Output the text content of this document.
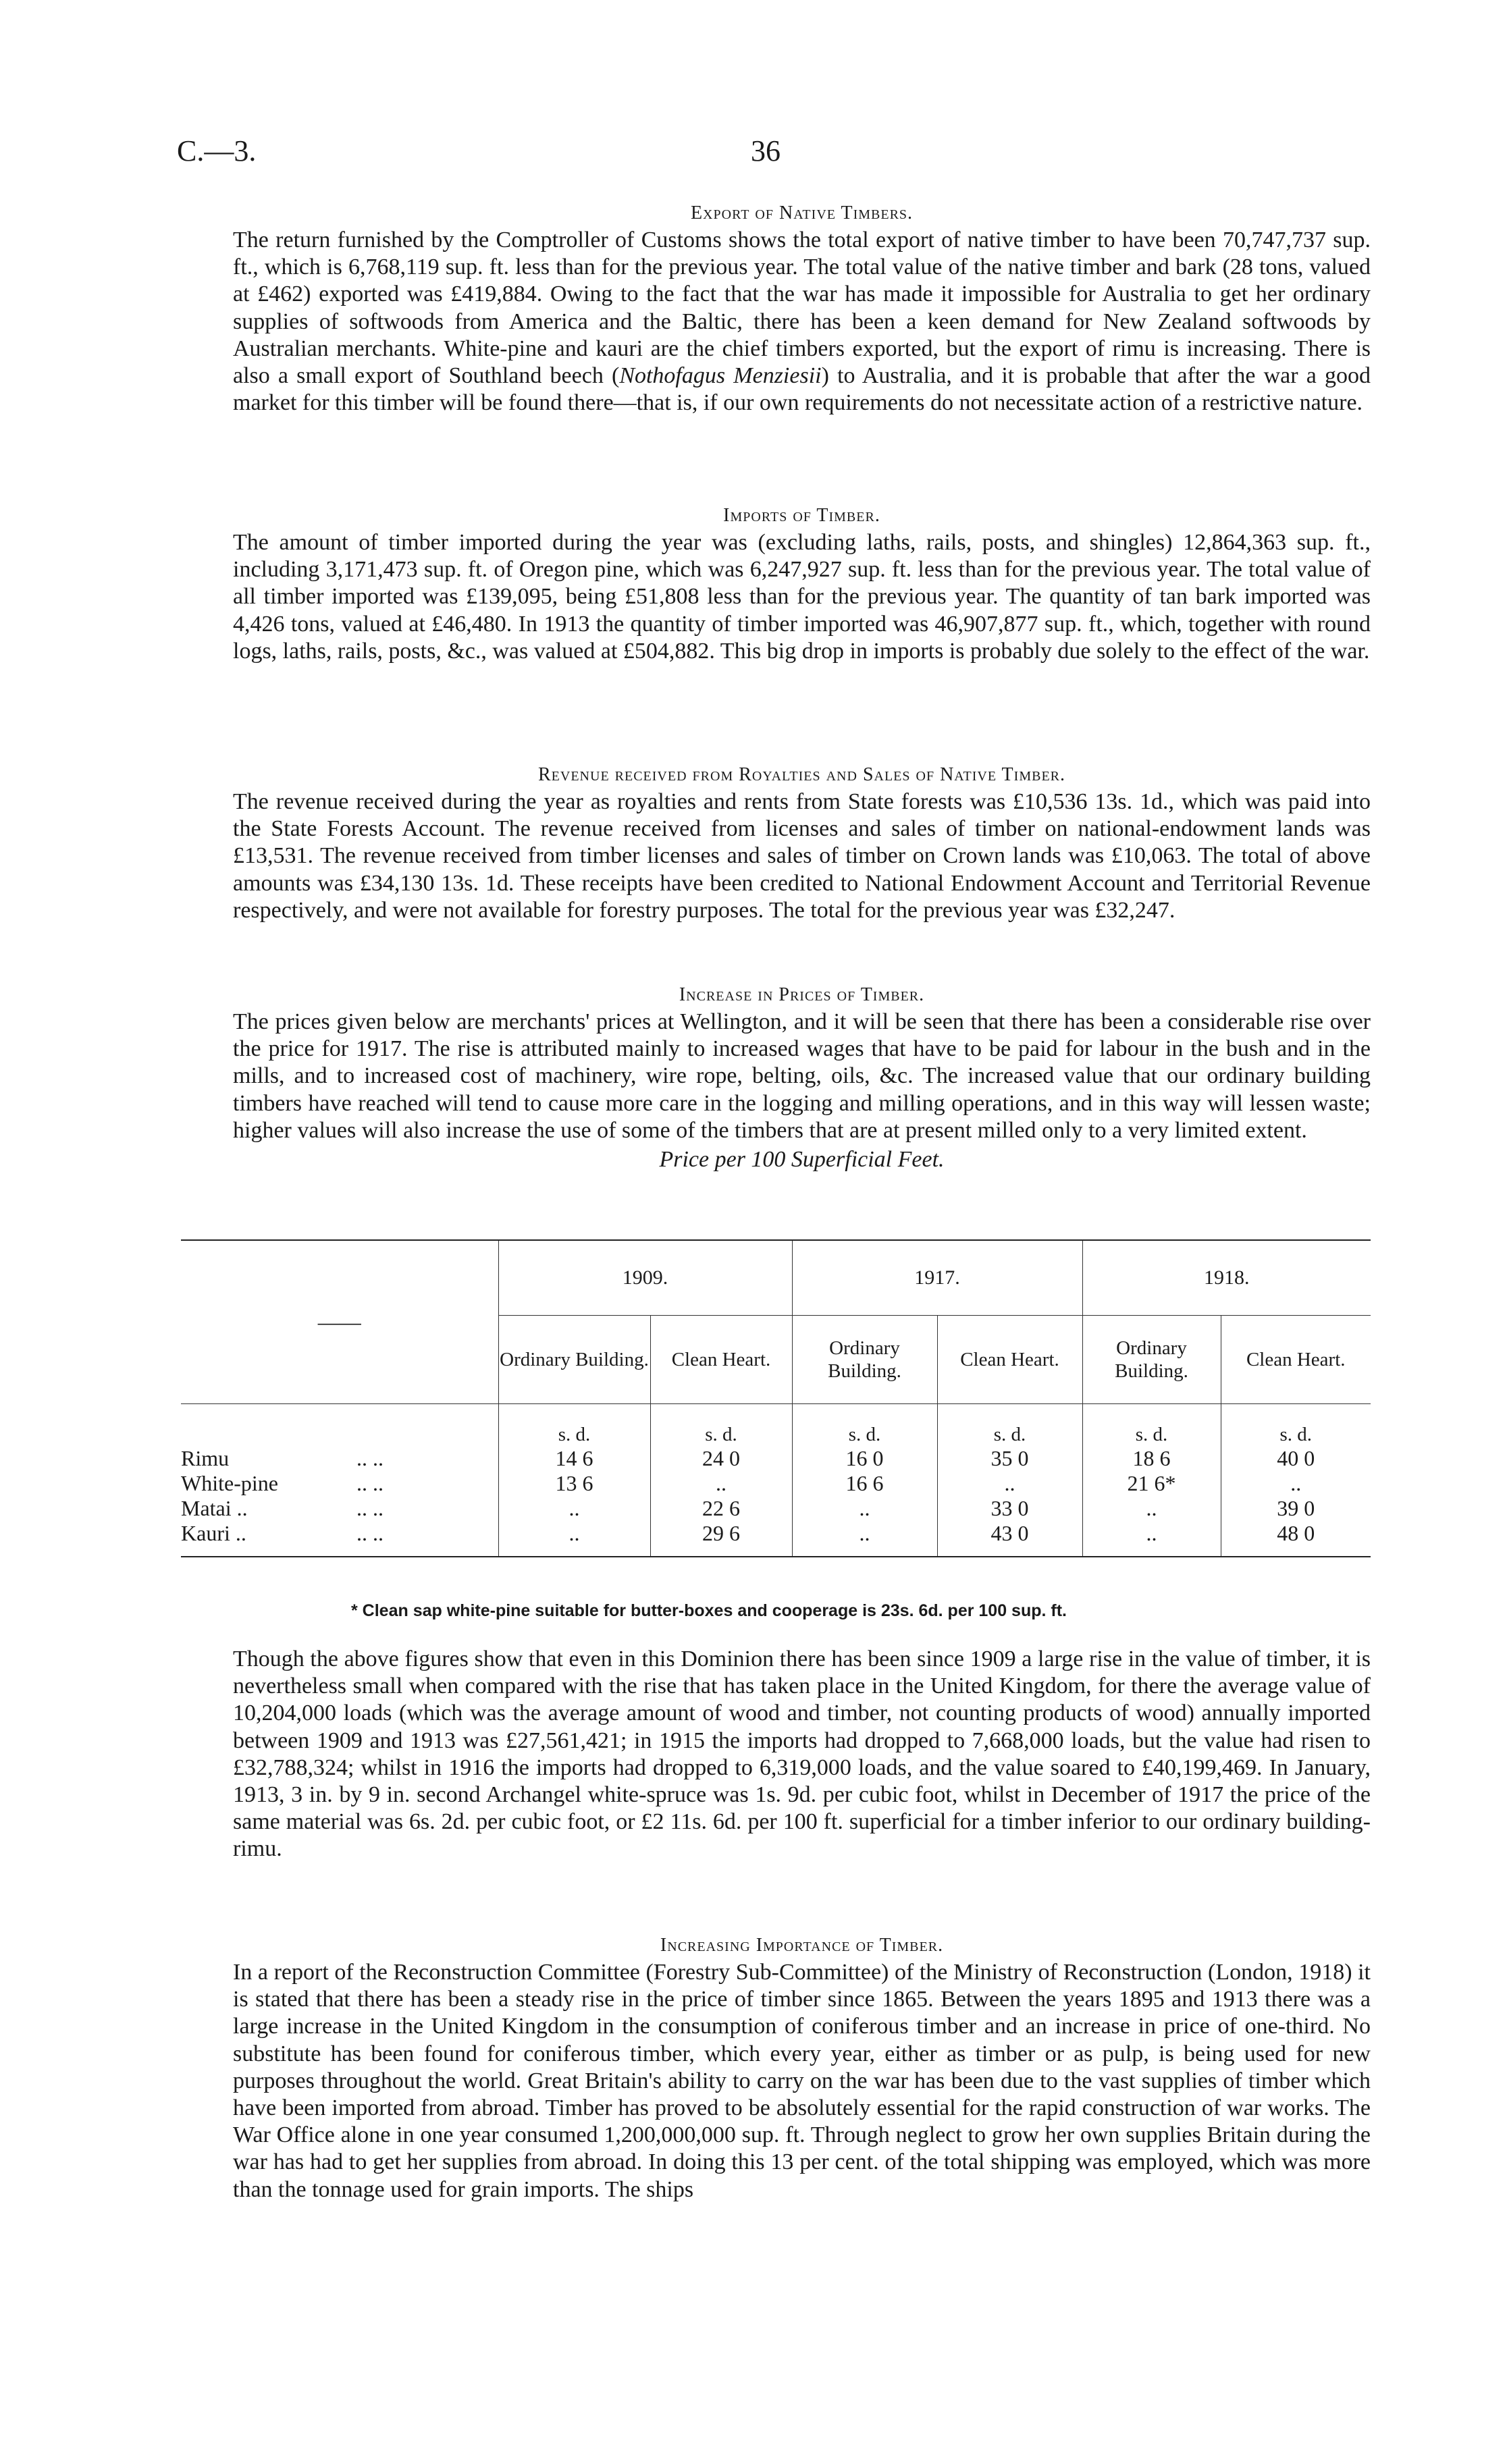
C.—3.	36
Export of Native Timbers.

The return furnished by the Comptroller of Customs shows the total export of native timber to have been 70,747,737 sup. ft., which is 6,768,119 sup. ft. less than for the previous year. The total value of the native timber and bark (28 tons, valued at £462) exported was £419,884. Owing to the fact that the war has made it impossible for Australia to get her ordinary supplies of softwoods from America and the Baltic, there has been a keen demand for New Zealand softwoods by Australian merchants. White-pine and kauri are the chief timbers exported, but the export of rimu is increasing. There is also a small export of Southland beech (Nothofagus Menziesii) to Australia, and it is probable that after the war a good market for this timber will be found there—that is, if our own requirements do not necessitate action of a restrictive nature.

Imports of Timber.

The amount of timber imported during the year was (excluding laths, rails, posts, and shingles) 12,864,363 sup. ft., including 3,171,473 sup. ft. of Oregon pine, which was 6,247,927 sup. ft. less than for the previous year. The total value of all timber imported was £139,095, being £51,808 less than for the previous year. The quantity of tan bark imported was 4,426 tons, valued at £46,480. In 1913 the quantity of timber imported was 46,907,877 sup. ft., which, together with round logs, laths, rails, posts, &c., was valued at £504,882. This big drop in imports is probably due solely to the effect of the war.

Revenue received from Royalties and Sales of Native Timber.

The revenue received during the year as royalties and rents from State forests was £10,536 13s. 1d., which was paid into the State Forests Account. The revenue received from licenses and sales of timber on national-endowment lands was £13,531. The revenue received from timber licenses and sales of timber on Crown lands was £10,063. The total of above amounts was £34,130 13s. 1d. These receipts have been credited to National Endowment Account and Territorial Revenue respectively, and were not available for forestry purposes. The total for the previous year was £32,247.

Increase in Prices of Timber.

The prices given below are merchants' prices at Wellington, and it will be seen that there has been a considerable rise over the price for 1917. The rise is attributed mainly to increased wages that have to be paid for labour in the bush and in the mills, and to increased cost of machinery, wire rope, belting, oils, &c. The increased value that our ordinary building timbers have reached will tend to cause more care in the logging and milling operations, and in this way will lessen waste; higher values will also increase the use of some of the timbers that are at present milled only to a very limited extent.

Price per 100 Superficial Feet.

——	1909.		1917.		1918.	
	Ordinary Building.	Clean Heart.	Ordinary Building.	Clean Heart.	Ordinary Building.	Clean Heart.
	s. d.	s. d.	s. d.	s. d.	s. d.	s. d.
Rimu .. ..	14 6	24 0	16 0	35 0	18 6	40 0
White-pine .. ..	13 6	..	16 6	..	21 6*	..
Matai .. .. ..	..	22 6	..	33 0	..	39 0
Kauri .. .. ..	..	29 6	..	43 0	..	48 0
* Clean sap white-pine suitable for butter-boxes and cooperage is 23s. 6d. per 100 sup. ft.

Though the above figures show that even in this Dominion there has been since 1909 a large rise in the value of timber, it is nevertheless small when compared with the rise that has taken place in the United Kingdom, for there the average value of 10,204,000 loads (which was the average amount of wood and timber, not counting products of wood) annually imported between 1909 and 1913 was £27,561,421; in 1915 the imports had dropped to 7,668,000 loads, but the value had risen to £32,788,324; whilst in 1916 the imports had dropped to 6,319,000 loads, and the value soared to £40,199,469. In January, 1913, 3 in. by 9 in. second Archangel white-spruce was 1s. 9d. per cubic foot, whilst in December of 1917 the price of the same material was 6s. 2d. per cubic foot, or £2 11s. 6d. per 100 ft. superficial for a timber inferior to our ordinary building-rimu.

Increasing Importance of Timber.

In a report of the Reconstruction Committee (Forestry Sub-Committee) of the Ministry of Reconstruction (London, 1918) it is stated that there has been a steady rise in the price of timber since 1865. Between the years 1895 and 1913 there was a large increase in the United Kingdom in the consumption of coniferous timber and an increase in price of one-third. No substitute has been found for coniferous timber, which every year, either as timber or as pulp, is being used for new purposes throughout the world. Great Britain's ability to carry on the war has been due to the vast supplies of timber which have been imported from abroad. Timber has proved to be absolutely essential for the rapid construction of war works. The War Office alone in one year consumed 1,200,000,000 sup. ft. Through neglect to grow her own supplies Britain during the war has had to get her supplies from abroad. In doing this 13 per cent. of the total shipping was employed, which was more than the tonnage used for grain imports. The ships
